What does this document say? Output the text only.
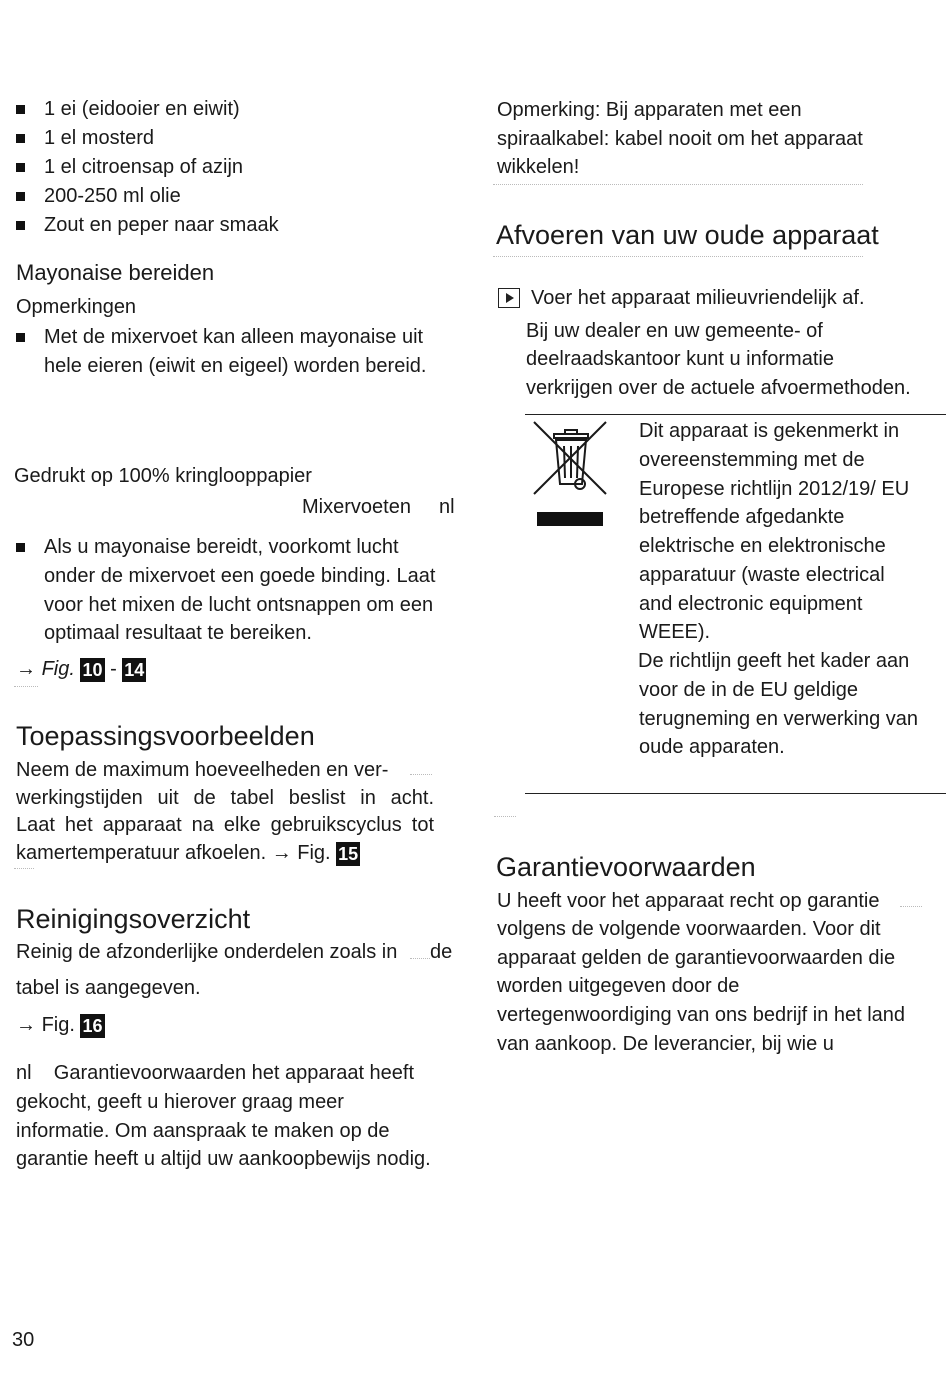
1 ei (eidooier en eiwit)
1 el mosterd
1 el citroensap of azijn
200-250 ml olie
Zout en peper naar smaak
Mayonaise bereiden
Opmerkingen
Met de mixervoet kan alleen mayonaise uit
hele eieren (eiwit en eigeel) worden bereid.
Gedrukt op 100% kringlooppapier
Mixervoeten nl
Als u mayonaise bereidt, voorkomt lucht
onder de mixervoet een goede binding. Laat
voor het mixen de lucht ontsnappen om een
optimaal resultaat te bereiken.
→ Fig. 10 - 14
Toepassingsvoorbeelden
Neem de maximum hoeveelheden en ver-
werkingstijden uit de tabel beslist in acht.
Laat het apparaat na elke gebruikscyclus tot
kamertemperatuur afkoelen. → Fig. 15
Reinigingsoverzicht
Reinig de afzonderlijke onderdelen zoals in de
tabel is aangegeven.
→ Fig. 16
nl    Garantievoorwaarden het apparaat heeft
gekocht, geeft u hierover graag meer
informatie. Om aanspraak te maken op de
garantie heeft u altijd uw aankoopbewijs nodig.
30
Opmerking: Bij apparaten met een
spiraalkabel: kabel nooit om het apparaat
wikkelen!
Afvoeren van uw oude apparaat
Voer het apparaat milieuvriendelijk af.
Bij uw dealer en uw gemeente- of
deelraadskantoor kunt u informatie
verkrijgen over de actuele afvoermethoden.
Dit apparaat is gekenmerkt in
overeenstemming met de
Europese richtlijn 2012/19/ EU
betreffende afgedankte
elektrische en elektronische
apparatuur (waste electrical
and electronic equipment
WEEE).
De richtlijn geeft het kader aan
voor de in de EU geldige
terugneming en verwerking van
oude apparaten.
Garantievoorwaarden
U heeft voor het apparaat recht op garantie
volgens de volgende voorwaarden. Voor dit
apparaat gelden de garantievoorwaarden die
worden uitgegeven door de
vertegenwoordiging van ons bedrijf in het land
van aankoop. De leverancier, bij wie u
